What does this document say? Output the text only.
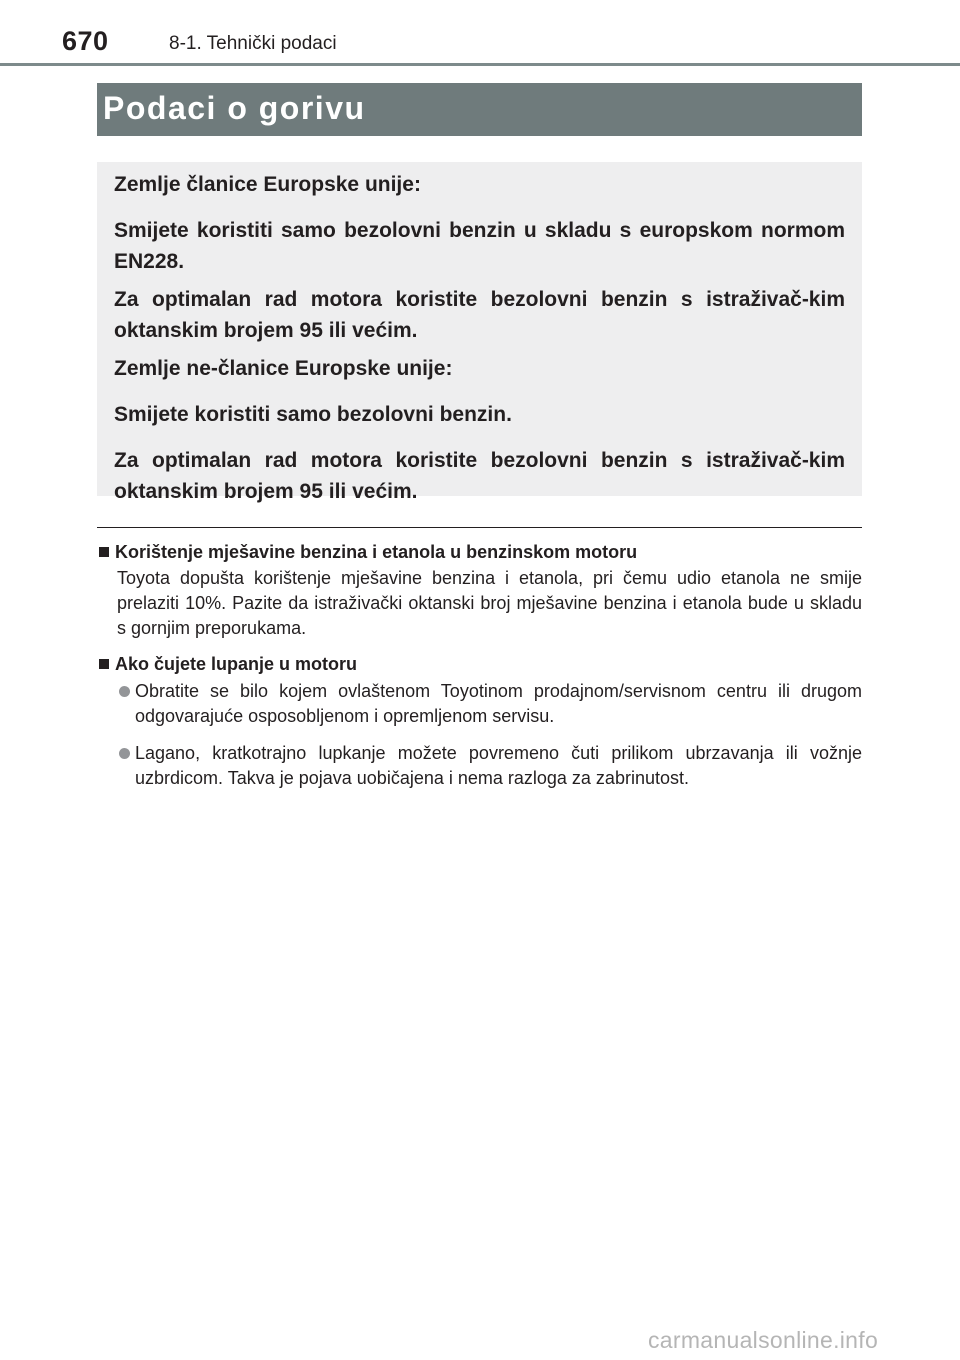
670	8-1. Tehnički podaci
Podaci o gorivu

Zemlje članice Europske unije:

Smijete koristiti samo bezolovni benzin u skladu s europskom normom EN228.

Za optimalan rad motora koristite bezolovni benzin s istraživač-kim oktanskim brojem 95 ili većim.

Zemlje ne-članice Europske unije:

Smijete koristiti samo bezolovni benzin.

Za optimalan rad motora koristite bezolovni benzin s istraživač-kim oktanskim brojem 95 ili većim.

Korištenje mješavine benzina i etanola u benzinskom motoru
Toyota dopušta korištenje mješavine benzina i etanola, pri čemu udio etanola ne smije prelaziti 10%. Pazite da istraživački oktanski broj mješavine benzina i etanola bude u skladu s gornjim preporukama.
Ako čujete lupanje u motoru
Obratite se bilo kojem ovlaštenom Toyotinom prodajnom/servisnom centru ili drugom odgovarajuće osposobljenom i opremljenom servisu.
Lagano, kratkotrajno lupkanje možete povremeno čuti prilikom ubrzavanja ili vožnje uzbrdicom. Takva je pojava uobičajena i nema razloga za zabrinutost.
carmanualsonline.info
